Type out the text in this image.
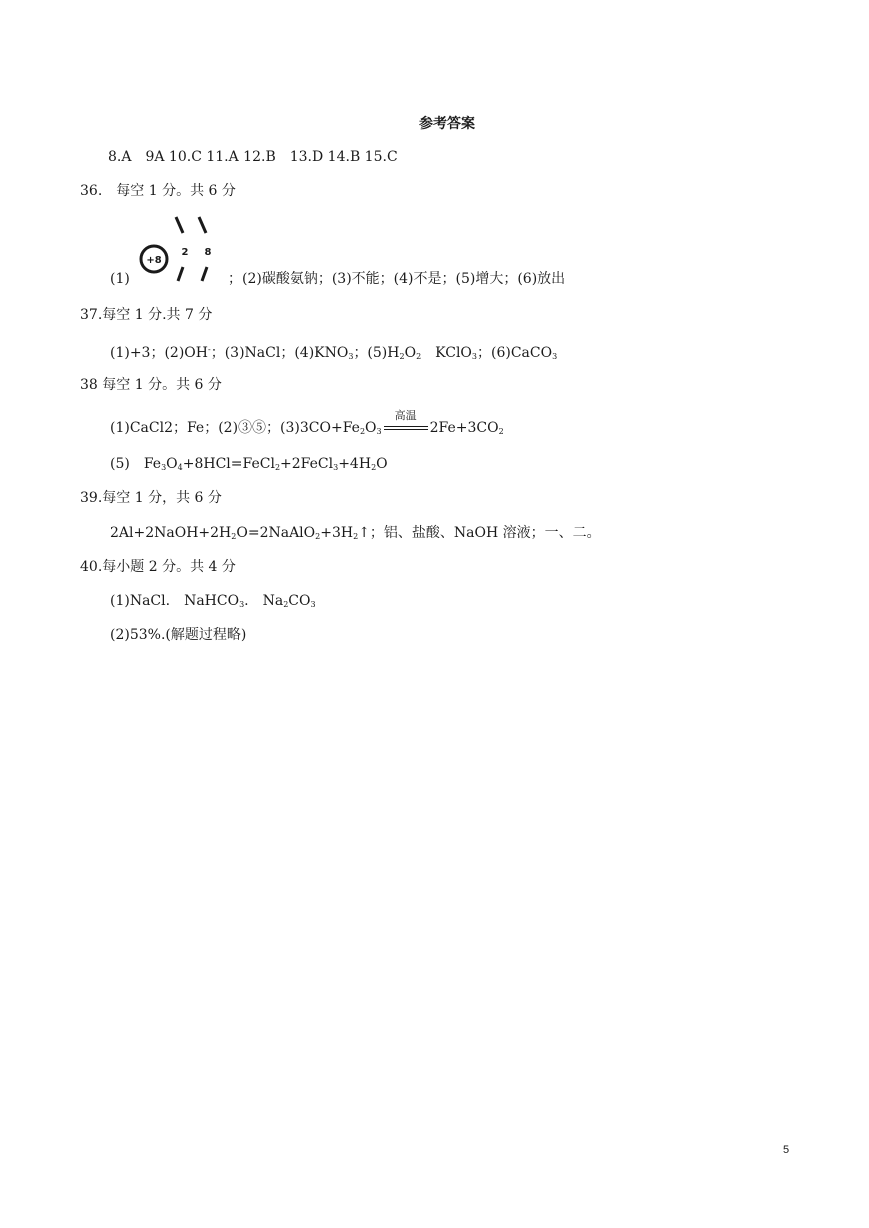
参考答案
8.A　9A 10.C 11.A 12.B　13.D 14.B 15.C
36.　每空 1 分。共 6 分
(1)
+8
2 8
；(2)碳酸氨钠；(3)不能；(4)不是；(5)增大；(6)放出
37.每空 1 分.共 7 分
(1)+3；(2)OH-；(3)NaCl；$(4)KNO_3$；$(5)H_2O_2$　KClO$_3$；(6)CaCO$_3$
38 每空 1 分。共 6 分
(1)CaCl2；Fe；(2)③⑤；$(3)3CO+Fe_2O_3$
高温
$2Fe+3CO_2$
(5)　$Fe_3O_4+8HCl=FeCl_2+2FeCl_3+4H_2O$
39.每空 1 分，共 6 分
$2Al+2NaOH+2H_2O=2NaAlO_2+3H_2↑$；铝、盐酸、NaOH 溶液；一、二。
40.每小题 2 分。共 4 分
(1)NaCl.　NaHCO$_3$.　$Na_2CO_3$
(2)53%.(解题过程略)
5
